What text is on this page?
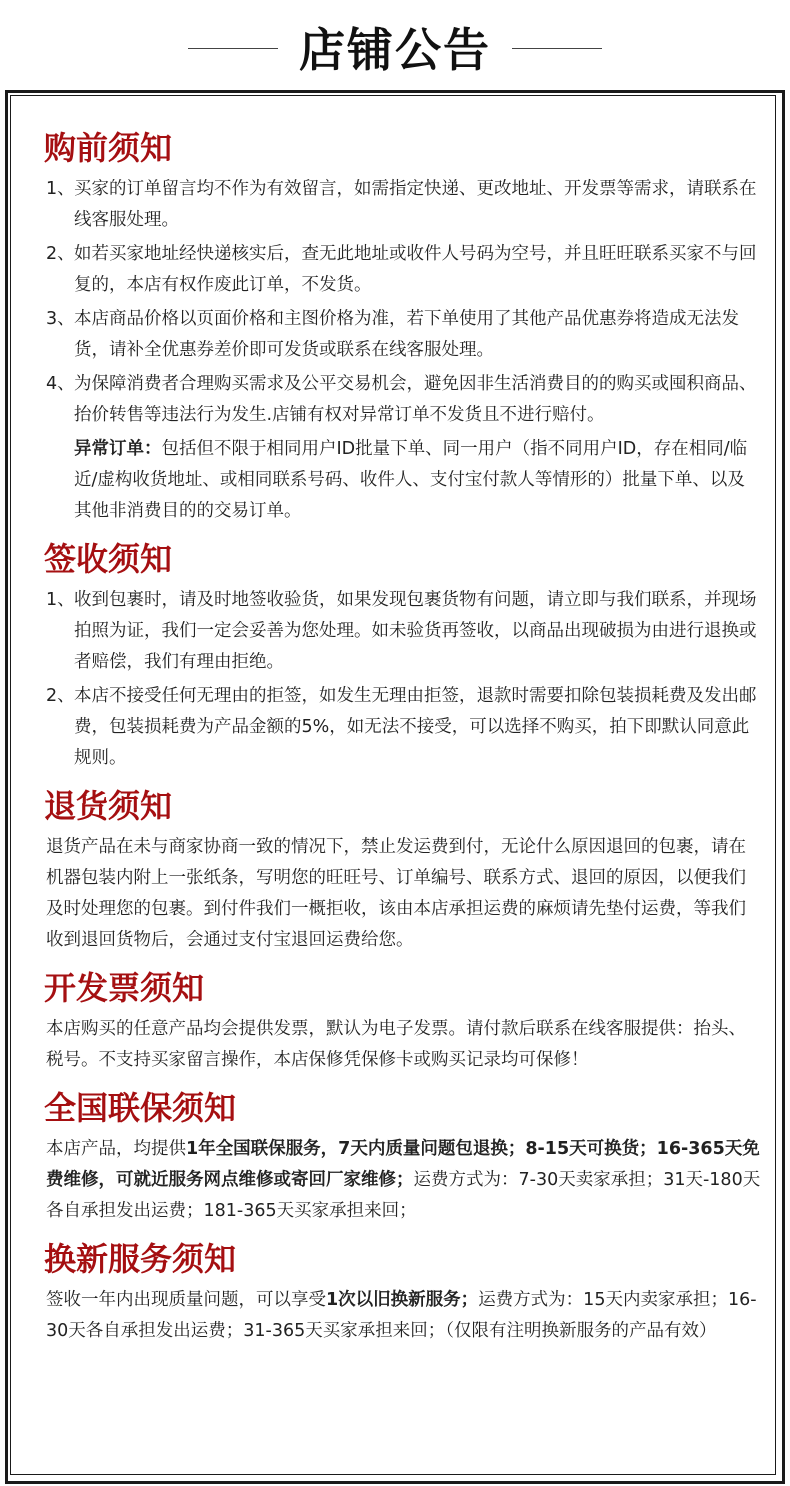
店铺公告
购前须知
1、 买家的订单留言均不作为有效留言，如需指定快递、更改地址、开发票等需求，请联系在线客服处理。
2、 如若买家地址经快递核实后，查无此地址或收件人号码为空号，并且旺旺联系买家不与回复的，本店有权作废此订单，不发货。
3、 本店商品价格以页面价格和主图价格为准，若下单使用了其他产品优惠券将造成无法发货，请补全优惠券差价即可发货或联系在线客服处理。
4、 为保障消费者合理购买需求及公平交易机会，避免因非生活消费目的的购买或囤积商品、抬价转售等违法行为发生.店铺有权对异常订单不发货且不进行赔付。
异常订单：包括但不限于相同用户ID批量下单、同一用户（指不同用户ID，存在相同/临近/虚构收货地址、或相同联系号码、收件人、支付宝付款人等情形的）批量下单、以及其他非消费目的的交易订单。
签收须知
1、 收到包裹时，请及时地签收验货，如果发现包裹货物有问题，请立即与我们联系，并现场拍照为证，我们一定会妥善为您处理。如未验货再签收，以商品出现破损为由进行退换或者赔偿，我们有理由拒绝。
2、 本店不接受任何无理由的拒签，如发生无理由拒签，退款时需要扣除包装损耗费及发出邮费，包装损耗费为产品金额的5%，如无法不接受，可以选择不购买，拍下即默认同意此规则。
退货须知

退货产品在未与商家协商一致的情况下，禁止发运费到付，无论什么原因退回的包裹，请在机器包装内附上一张纸条，写明您的旺旺号、订单编号、联系方式、退回的原因，以便我们及时处理您的包裹。到付件我们一概拒收，该由本店承担运费的麻烦请先垫付运费，等我们收到退回货物后，会通过支付宝退回运费给您。

开发票须知

本店购买的任意产品均会提供发票，默认为电子发票。请付款后联系在线客服提供：抬头、税号。不支持买家留言操作，本店保修凭保修卡或购买记录均可保修！

全国联保须知

本店产品，均提供1年全国联保服务，7天内质量问题包退换；8-15天可换货；16-365天免费维修，可就近服务网点维修或寄回厂家维修；运费方式为：7-30天卖家承担；31天-180天各自承担发出运费；181-365天买家承担来回；

换新服务须知

签收一年内出现质量问题，可以享受1次以旧换新服务；运费方式为：15天内卖家承担；16-30天各自承担发出运费；31-365天买家承担来回；（仅限有注明换新服务的产品有效）
